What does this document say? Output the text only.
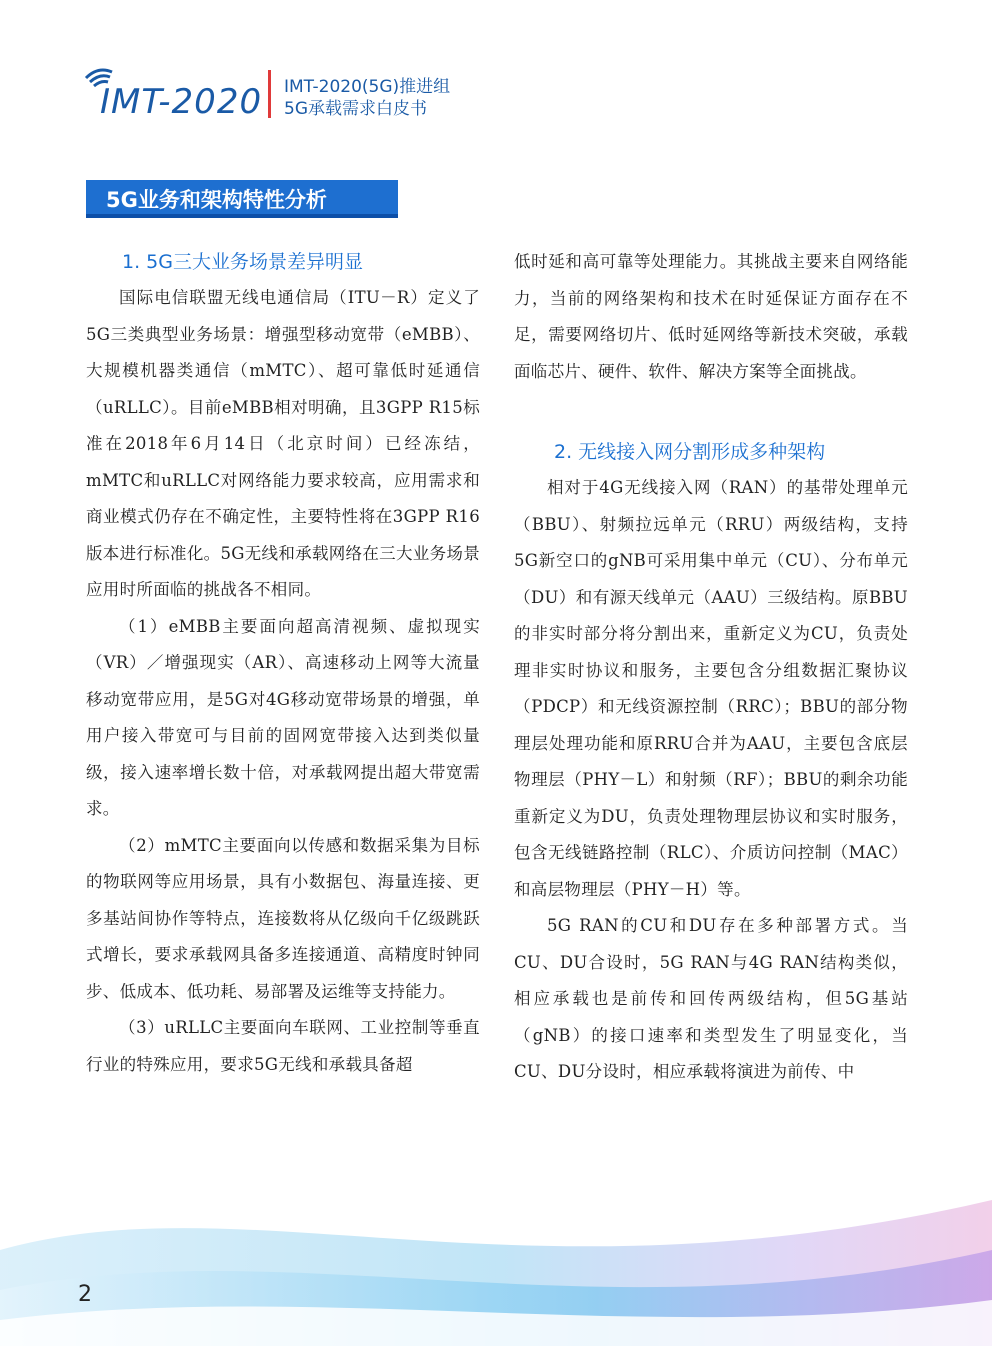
IMT-2020 IMT-2020(5G)推进组
5G承载需求白皮书
5G业务和架构特性分析

1. 5G三大业务场景差异明显

国际电信联盟无线电通信局（ITU－R）定义了5G三类典型业务场景：增强型移动宽带（eMBB）、大规模机器类通信（mMTC）、超可靠低时延通信（uRLLC）。目前eMBB相对明确，且3GPP R15标准在2018年6月14日（北京时间）已经冻结，mMTC和uRLLC对网络能力要求较高，应用需求和商业模式仍存在不确定性，主要特性将在3GPP R16版本进行标准化。5G无线和承载网络在三大业务场景应用时所面临的挑战各不相同。

（1）eMBB主要面向超高清视频、虚拟现实（VR）／增强现实（AR）、高速移动上网等大流量移动宽带应用，是5G对4G移动宽带场景的增强，单用户接入带宽可与目前的固网宽带接入达到类似量级，接入速率增长数十倍，对承载网提出超大带宽需求。

（2）mMTC主要面向以传感和数据采集为目标的物联网等应用场景，具有小数据包、海量连接、更多基站间协作等特点，连接数将从亿级向千亿级跳跃式增长，要求承载网具备多连接通道、高精度时钟同步、低成本、低功耗、易部署及运维等支持能力。

（3）uRLLC主要面向车联网、工业控制等垂直行业的特殊应用，要求5G无线和承载具备超

低时延和高可靠等处理能力。其挑战主要来自网络能力，当前的网络架构和技术在时延保证方面存在不足，需要网络切片、低时延网络等新技术突破，承载面临芯片、硬件、软件、解决方案等全面挑战。

2. 无线接入网分割形成多种架构

相对于4G无线接入网（RAN）的基带处理单元（BBU）、射频拉远单元（RRU）两级结构，支持5G新空口的gNB可采用集中单元（CU）、分布单元（DU）和有源天线单元（AAU）三级结构。原BBU的非实时部分将分割出来，重新定义为CU，负责处理非实时协议和服务，主要包含分组数据汇聚协议（PDCP）和无线资源控制（RRC）；BBU的部分物理层处理功能和原RRU合并为AAU，主要包含底层物理层（PHY－L）和射频（RF）；BBU的剩余功能重新定义为DU，负责处理物理层协议和实时服务，包含无线链路控制（RLC）、介质访问控制（MAC）和高层物理层（PHY－H）等。

5G RAN的CU和DU存在多种部署方式。当CU、DU合设时，5G RAN与4G RAN结构类似，相应承载也是前传和回传两级结构，但5G基站（gNB）的接口速率和类型发生了明显变化，当CU、DU分设时，相应承载将演进为前传、中

2
